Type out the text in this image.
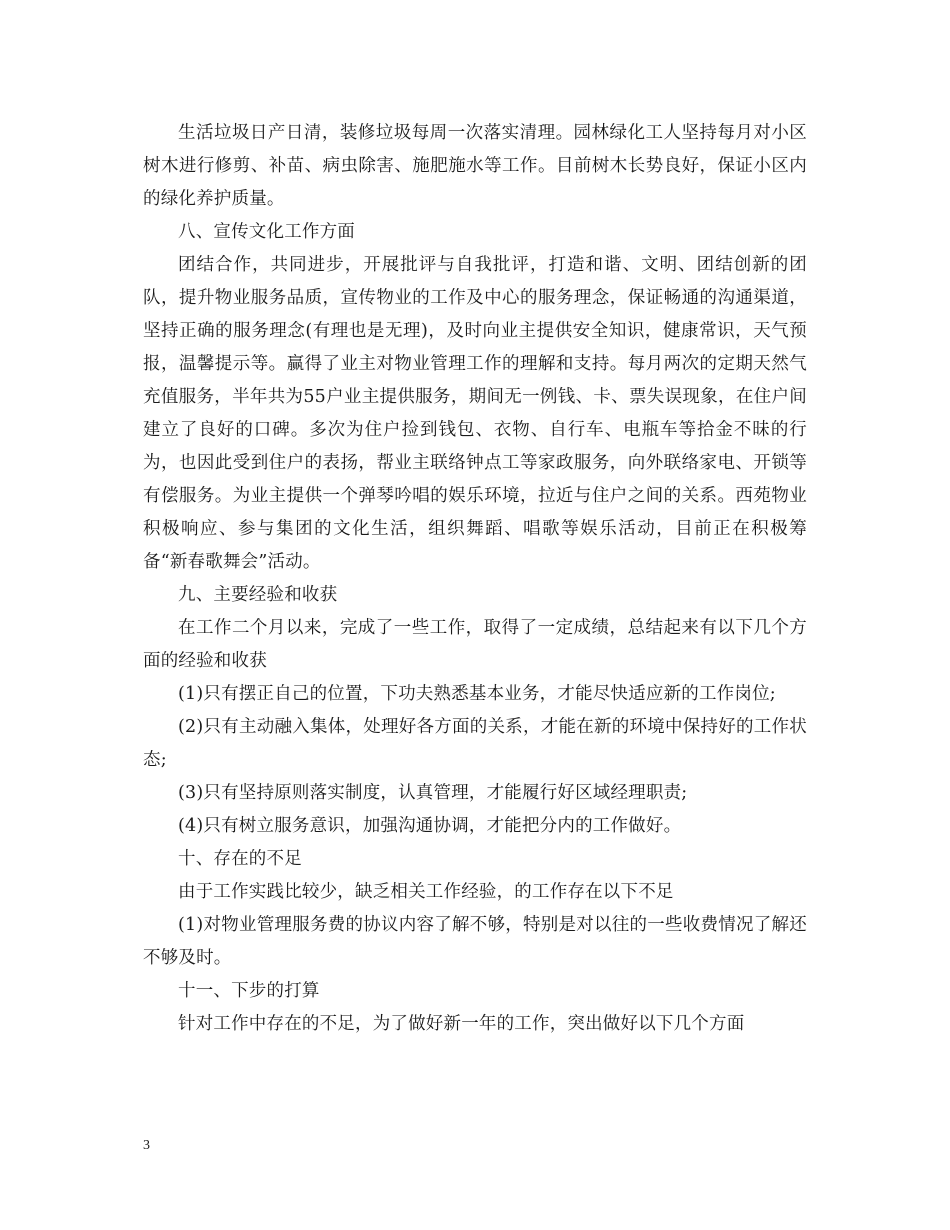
生活垃圾日产日清，装修垃圾每周一次落实清理。园林绿化工人坚持每月对小区树木进行修剪、补苗、病虫除害、施肥施水等工作。目前树木长势良好，保证小区内的绿化养护质量。

八、宣传文化工作方面

团结合作，共同进步，开展批评与自我批评，打造和谐、文明、团结创新的团队，提升物业服务品质，宣传物业的工作及中心的服务理念，保证畅通的沟通渠道，坚持正确的服务理念(有理也是无理)，及时向业主提供安全知识，健康常识，天气预报，温馨提示等。赢得了业主对物业管理工作的理解和支持。每月两次的定期天然气充值服务，半年共为55户业主提供服务，期间无一例钱、卡、票失误现象，在住户间建立了良好的口碑。多次为住户捡到钱包、衣物、自行车、电瓶车等拾金不昧的行为，也因此受到住户的表扬，帮业主联络钟点工等家政服务，向外联络家电、开锁等有偿服务。为业主提供一个弹琴吟唱的娱乐环境，拉近与住户之间的关系。西苑物业积极响应、参与集团的文化生活，组织舞蹈、唱歌等娱乐活动，目前正在积极筹备“新春歌舞会”活动。

九、主要经验和收获

在工作二个月以来，完成了一些工作，取得了一定成绩，总结起来有以下几个方面的经验和收获

(1)只有摆正自己的位置，下功夫熟悉基本业务，才能尽快适应新的工作岗位;

(2)只有主动融入集体，处理好各方面的关系，才能在新的环境中保持好的工作状态;

(3)只有坚持原则落实制度，认真管理，才能履行好区域经理职责;

(4)只有树立服务意识，加强沟通协调，才能把分内的工作做好。

十、存在的不足

由于工作实践比较少，缺乏相关工作经验，的工作存在以下不足

(1)对物业管理服务费的协议内容了解不够，特别是对以往的一些收费情况了解还不够及时。

十一、下步的打算

针对工作中存在的不足，为了做好新一年的工作，突出做好以下几个方面

3
